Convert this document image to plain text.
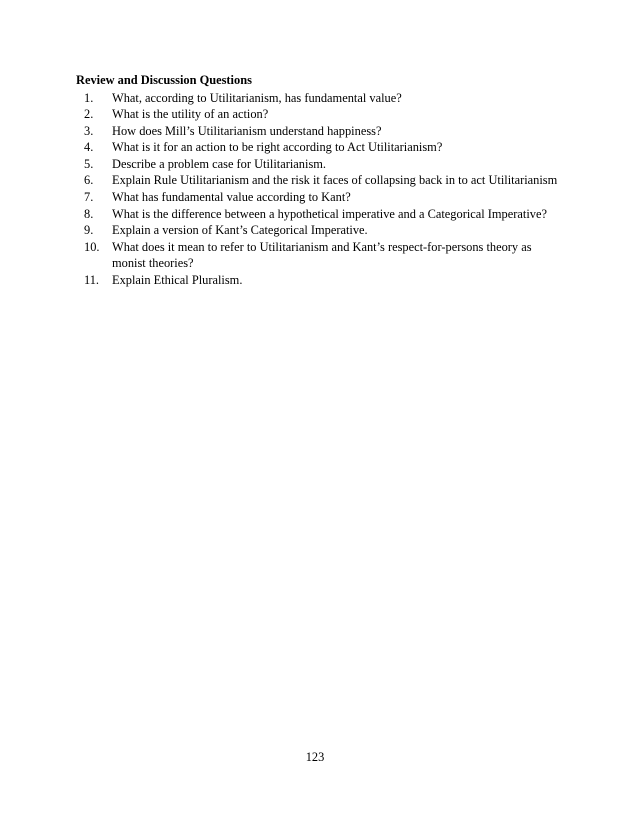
Review and Discussion Questions
1.	What, according to Utilitarianism, has fundamental value?
2.	What is the utility of an action?
3.	How does Mill’s Utilitarianism understand happiness?
4.	What is it for an action to be right according to Act Utilitarianism?
5.	Describe a problem case for Utilitarianism.
6.	Explain Rule Utilitarianism and the risk it faces of collapsing back in to act Utilitarianism
7.	What has fundamental value according to Kant?
8.	What is the difference between a hypothetical imperative and a Categorical Imperative?
9.	Explain a version of Kant’s Categorical Imperative.
10.	What does it mean to refer to Utilitarianism and Kant’s respect-for-persons theory as monist theories?
11.	Explain Ethical Pluralism.
123
